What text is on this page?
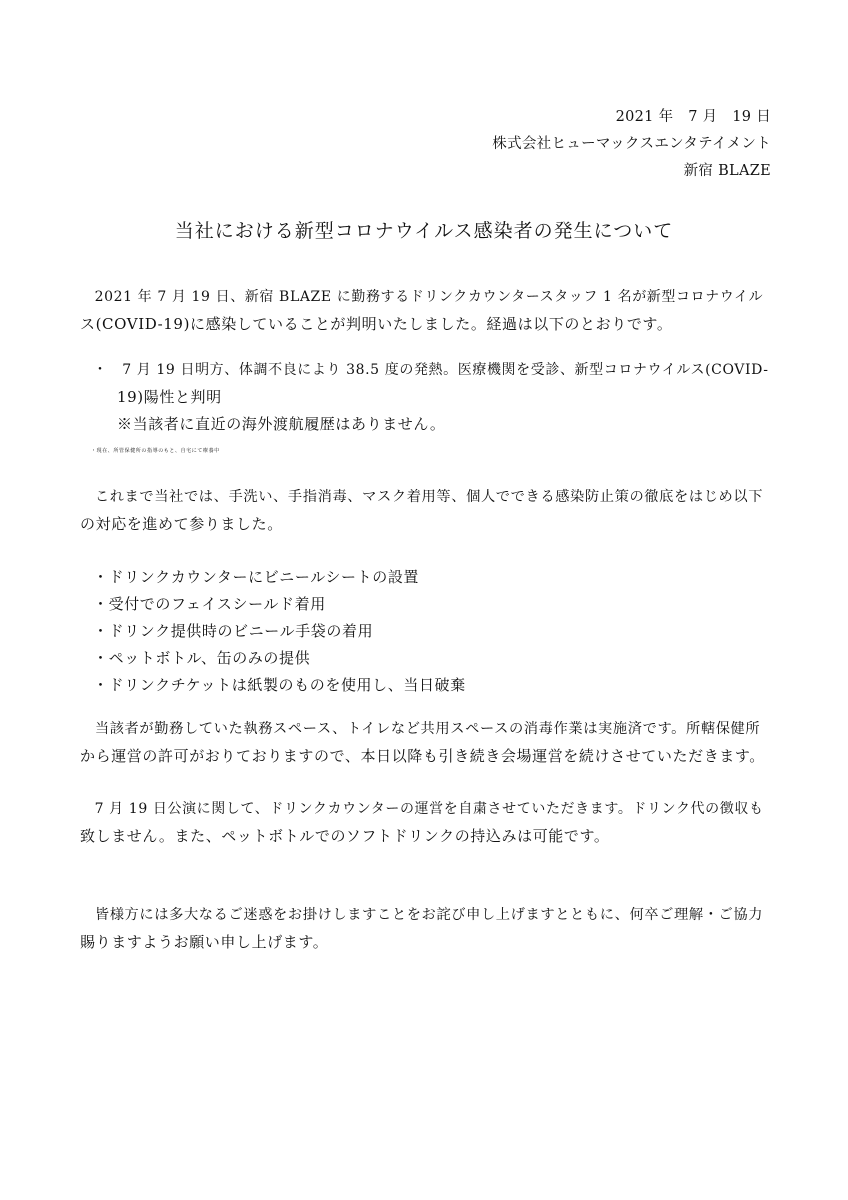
2021 年　7 月　19 日
株式会社ヒューマックスエンタテイメント
新宿 BLAZE
当社における新型コロナウイルス感染者の発生について
　2021 年 7 月 19 日、新宿 BLAZE に勤務するドリンクカウンタースタッフ 1 名が新型コロナウイル
ス(COVID-19)に感染していることが判明いたしました。経過は以下のとおりです。
・　7 月 19 日明方、体調不良により 38.5 度の発熱。医療機関を受診、新型コロナウイルス(COVID-
19)陽性と判明
※当該者に直近の海外渡航履歴はありません。
・現在、所管保健所の指導のもと、自宅にて療養中
　これまで当社では、手洗い、手指消毒、マスク着用等、個人でできる感染防止策の徹底をはじめ以下
の対応を進めて参りました。
・ドリンクカウンターにビニールシートの設置
・受付でのフェイスシールド着用
・ドリンク提供時のビニール手袋の着用
・ペットボトル、缶のみの提供
・ドリンクチケットは紙製のものを使用し、当日破棄
　当該者が勤務していた執務スペース、トイレなど共用スペースの消毒作業は実施済です。所轄保健所
から運営の許可がおりておりますので、本日以降も引き続き会場運営を続けさせていただきます。
　7 月 19 日公演に関して、ドリンクカウンターの運営を自粛させていただきます。ドリンク代の徴収も
致しません。また、ペットボトルでのソフトドリンクの持込みは可能です。
　皆様方には多大なるご迷惑をお掛けしますことをお詫び申し上げますとともに、何卒ご理解・ご協力
賜りますようお願い申し上げます。
